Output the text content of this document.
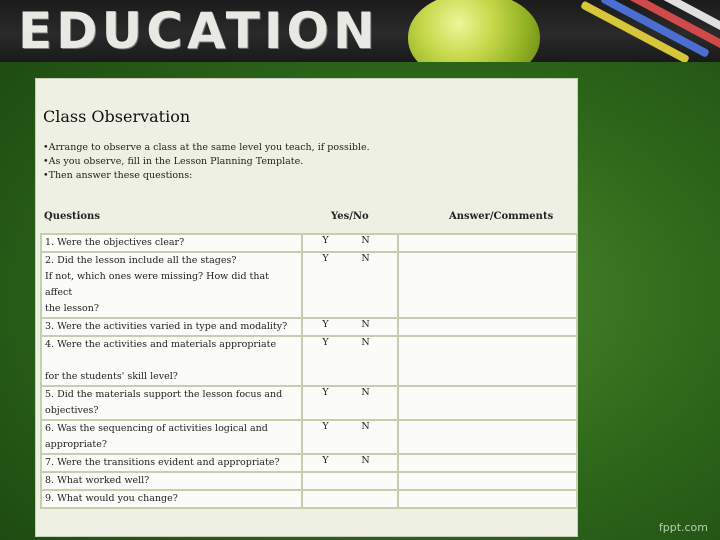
EDUCATION
Class Observation
•Arrange to observe a class at the same level you teach, if possible.
•As you observe, fill in the Lesson Planning Template.
•Then answer these questions:
Questions	Yes/No	Answer/Comments

1. Were the objectives clear?	Y N	

2. Did the lesson include all the stages?
If not, which ones were missing? How did that affect
the lesson?	Y N	

3. Were the activities varied in type and modality?	Y N	

4. Were the activities and materials appropriate
for the students' skill level?	Y N	

5. Did the materials support the lesson focus and
objectives?	Y N	

6. Was the sequencing of activities logical and
appropriate?	Y N	

7. Were the transitions evident and appropriate?	Y N	

8. What worked well?		

9. What would you change?		

fppt.com
